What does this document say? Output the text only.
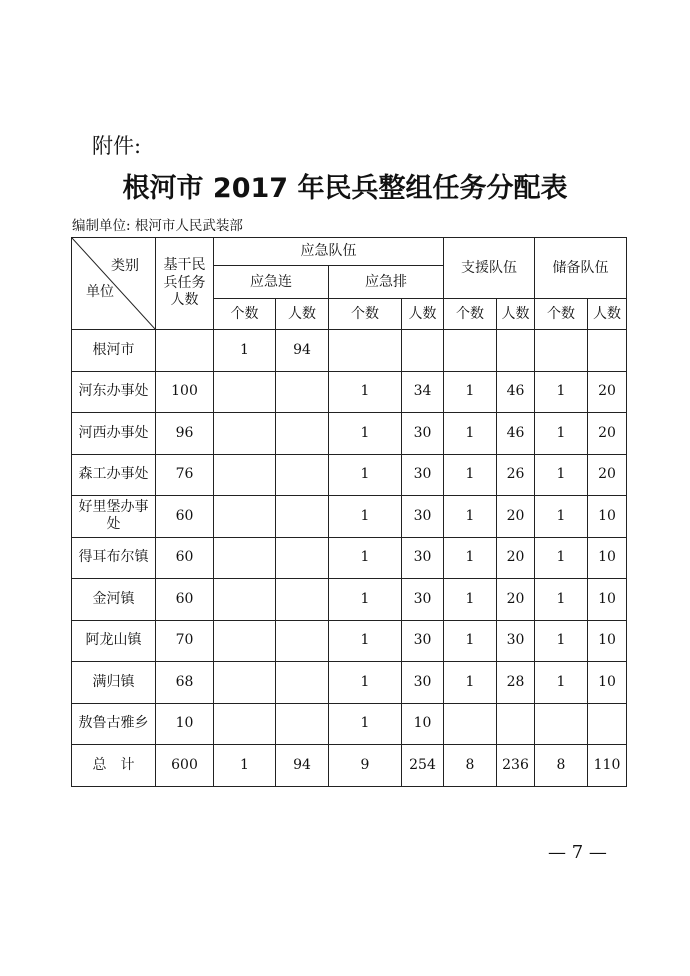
附件:
根河市 2017 年民兵整组任务分配表
编制单位: 根河市人民武装部
类别
单位	基干民兵任务人数	应急队伍				支援队伍		储备队伍	
		应急连		应急排					
		个数	人数	个数	人数	个数	人数	个数	人数
根河市		1	94						
河东办事处	100			1	34	1	46	1	20
河西办事处	96			1	30	1	46	1	20
森工办事处	76			1	30	1	26	1	20
好里堡办事处	60			1	30	1	20	1	10
得耳布尔镇	60			1	30	1	20	1	10
金河镇	60			1	30	1	20	1	10
阿龙山镇	70			1	30	1	30	1	10
满归镇	68			1	30	1	28	1	10
敖鲁古雅乡	10			1	10				
总　计	600	1	94	9	254	8	236	8	110
— 7 —
